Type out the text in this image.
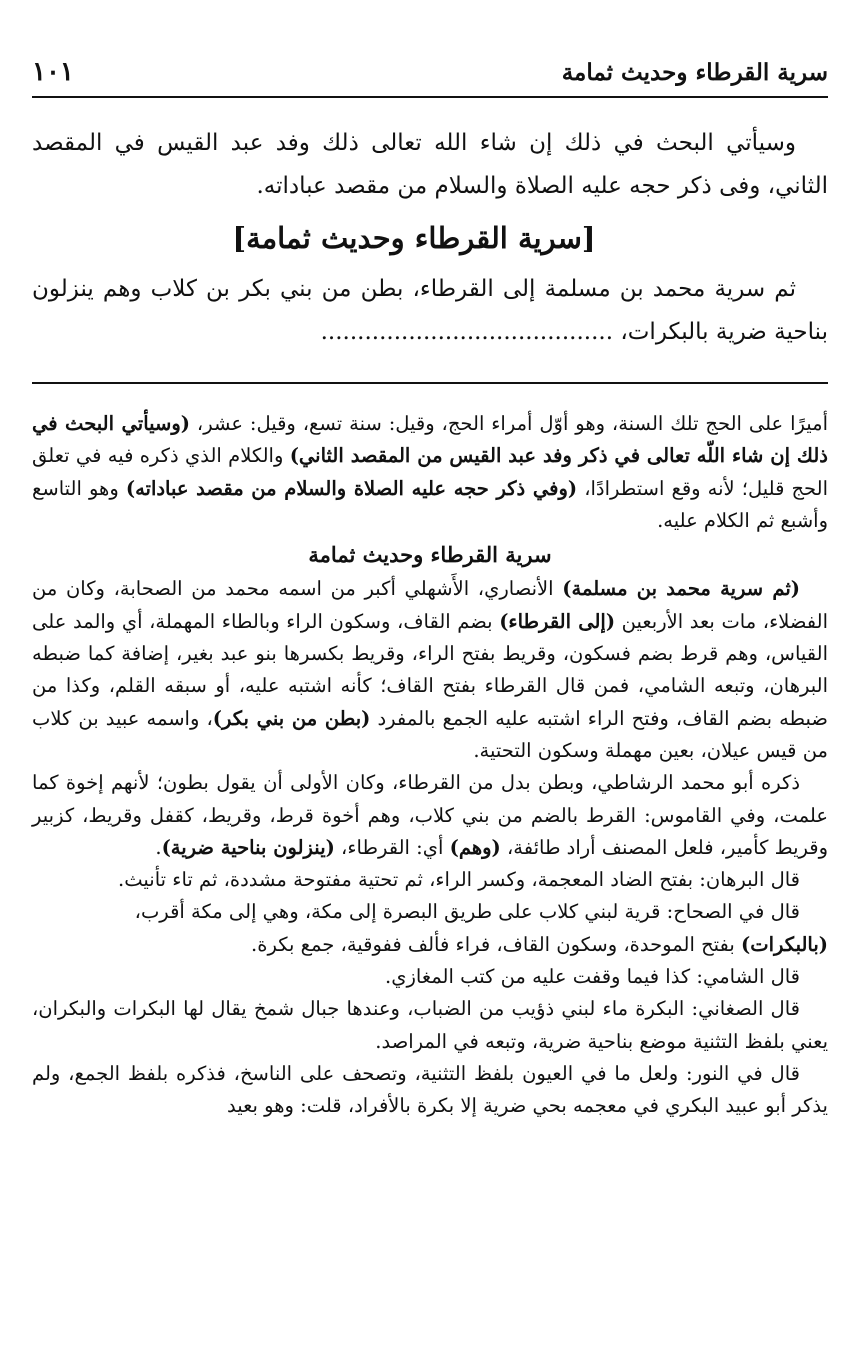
١٠١	سرية القرطاء وحديث ثمامة

وسيأتي البحث في ذلك إن شاء الله تعالى ذلك وفد عبد القيس في المقصد الثاني، وفى ذكر حجه عليه الصلاة والسلام من مقصد عباداته.

[سرية القرطاء وحديث ثمامة]

ثم سرية محمد بن مسلمة إلى القرطاء، بطن من بني بكر بن كلاب وهم ينزلون بناحية ضرية بالبكرات، ........................................

أميرًا على الحج تلك السنة، وهو أوّل أمراء الحج، وقيل: سنة تسع، وقيل: عشر، (وسيأتي البحث في ذلك إن شاء اللّه تعالى في ذكر وفد عبد القيس من المقصد الثاني) والكلام الذي ذكره فيه في تعلق الحج قليل؛ لأنه وقع استطرادًا، (وفي ذكر حجه عليه الصلاة والسلام من مقصد عباداته) وهو التاسع وأشبع ثم الكلام عليه.

سرية القرطاء وحديث ثمامة

(ثم سرية محمد بن مسلمة) الأنصاري، الأَشهلي أكبر من اسمه محمد من الصحابة، وكان من الفضلاء، مات بعد الأربعين (إلى القرطاء) بضم القاف، وسكون الراء وبالطاء المهملة، أي والمد على القياس، وهم قرط بضم فسكون، وقريط بفتح الراء، وقريط بكسرها بنو عبد بغير، إضافة كما ضبطه البرهان، وتبعه الشامي، فمن قال القرطاء بفتح القاف؛ كأنه اشتبه عليه، أو سبقه القلم، وكذا من ضبطه بضم القاف، وفتح الراء اشتبه عليه الجمع بالمفرد (بطن من بني بكر)، واسمه عبيد بن كلاب من قيس عيلان، بعين مهملة وسكون التحتية.

ذكره أبو محمد الرشاطي، وبطن بدل من القرطاء، وكان الأولى أن يقول بطون؛ لأنهم إخوة كما علمت، وفي القاموس: القرط بالضم من بني كلاب، وهم أخوة قرط، وقريط، كقفل وقريط، كزبير وقريط كأمير، فلعل المصنف أراد طائفة، (وهم) أي: القرطاء، (ينزلون بناحية ضرية).

قال البرهان: بفتح الضاد المعجمة، وكسر الراء، ثم تحتية مفتوحة مشددة، ثم تاء تأنيث.

قال في الصحاح: قرية لبني كلاب على طريق البصرة إلى مكة، وهي إلى مكة أقرب،

(بالبكرات) بفتح الموحدة، وسكون القاف، فراء فألف ففوقية، جمع بكرة.

قال الشامي: كذا فيما وقفت عليه من كتب المغازي.

قال الصغاني: البكرة ماء لبني ذؤيب من الضباب، وعندها جبال شمخ يقال لها البكرات والبكران، يعني بلفظ التثنية موضع بناحية ضرية، وتبعه في المراصد.

قال في النور: ولعل ما في العيون بلفظ التثنية، وتصحف على الناسخ، فذكره بلفظ الجمع، ولم يذكر أبو عبيد البكري في معجمه بحي ضرية إلا بكرة بالأفراد، قلت: وهو بعيد
